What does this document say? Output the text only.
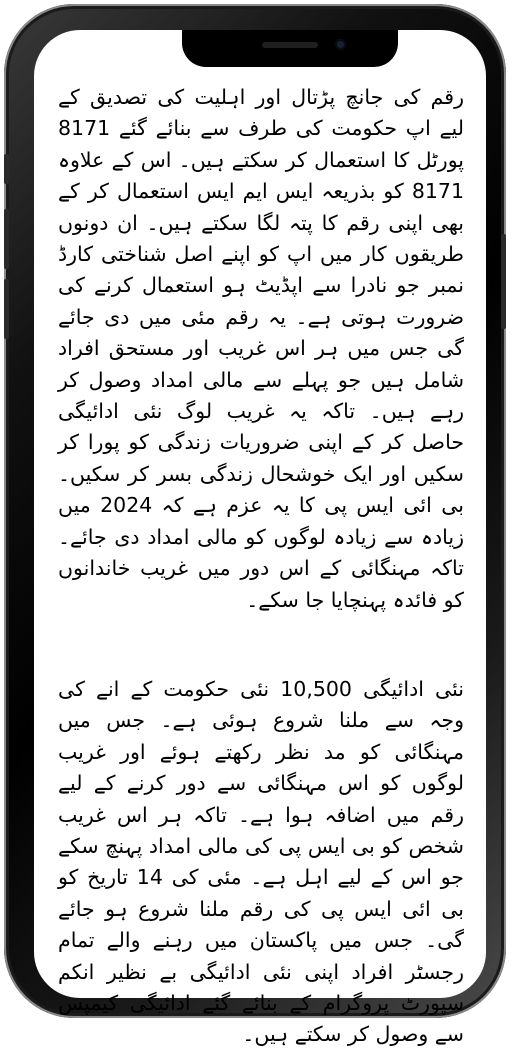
رقم کی جانچ پڑتال اور اہلیت کی تصدیق کے لیے اپ حکومت کی طرف سے بنائے گئے 8171 پورٹل کا استعمال کر سکتے ہیں۔ اس کے علاوہ 8171 کو بذریعہ ایس ایم ایس استعمال کر کے بھی اپنی رقم کا پتہ لگا سکتے ہیں۔ ان دونوں طریقوں کار میں اپ کو اپنے اصل شناختی کارڈ نمبر جو نادرا سے اپڈیٹ ہو استعمال کرنے کی ضرورت ہوتی ہے۔ یہ رقم مئی میں دی جائے گی جس میں ہر اس غریب اور مستحق افراد شامل ہیں جو پہلے سے مالی امداد وصول کر رہے ہیں۔ تاکہ یہ غریب لوگ نئی ادائیگی حاصل کر کے اپنی ضروریات زندگی کو پورا کر سکیں اور ایک خوشحال زندگی بسر کر سکیں۔ بی ائی ایس پی کا یہ عزم ہے کہ 2024 میں زیادہ سے زیادہ لوگوں کو مالی امداد دی جائے۔ تاکہ مہنگائی کے اس دور میں غریب خاندانوں کو فائدہ پہنچایا جا سکے۔

نئی ادائیگی 10,500 نئی حکومت کے انے کی وجہ سے ملنا شروع ہوئی ہے۔ جس میں مہنگائی کو مد نظر رکھتے ہوئے اور غریب لوگوں کو اس مہنگائی سے دور کرنے کے لیے رقم میں اضافہ ہوا ہے۔ تاکہ ہر اس غریب شخص کو بی ایس پی کی مالی امداد پہنچ سکے جو اس کے لیے اہل ہے۔ مئی کی 14 تاریخ کو بی ائی ایس پی کی رقم ملنا شروع ہو جائے گی۔ جس میں پاکستان میں رہنے والے تمام رجسٹر افراد اپنی نئی ادائیگی بے نظیر انکم سپورٹ پروگرام کے بنائے گئے ادائیگی کیمپس سے وصول کر سکتے ہیں۔
